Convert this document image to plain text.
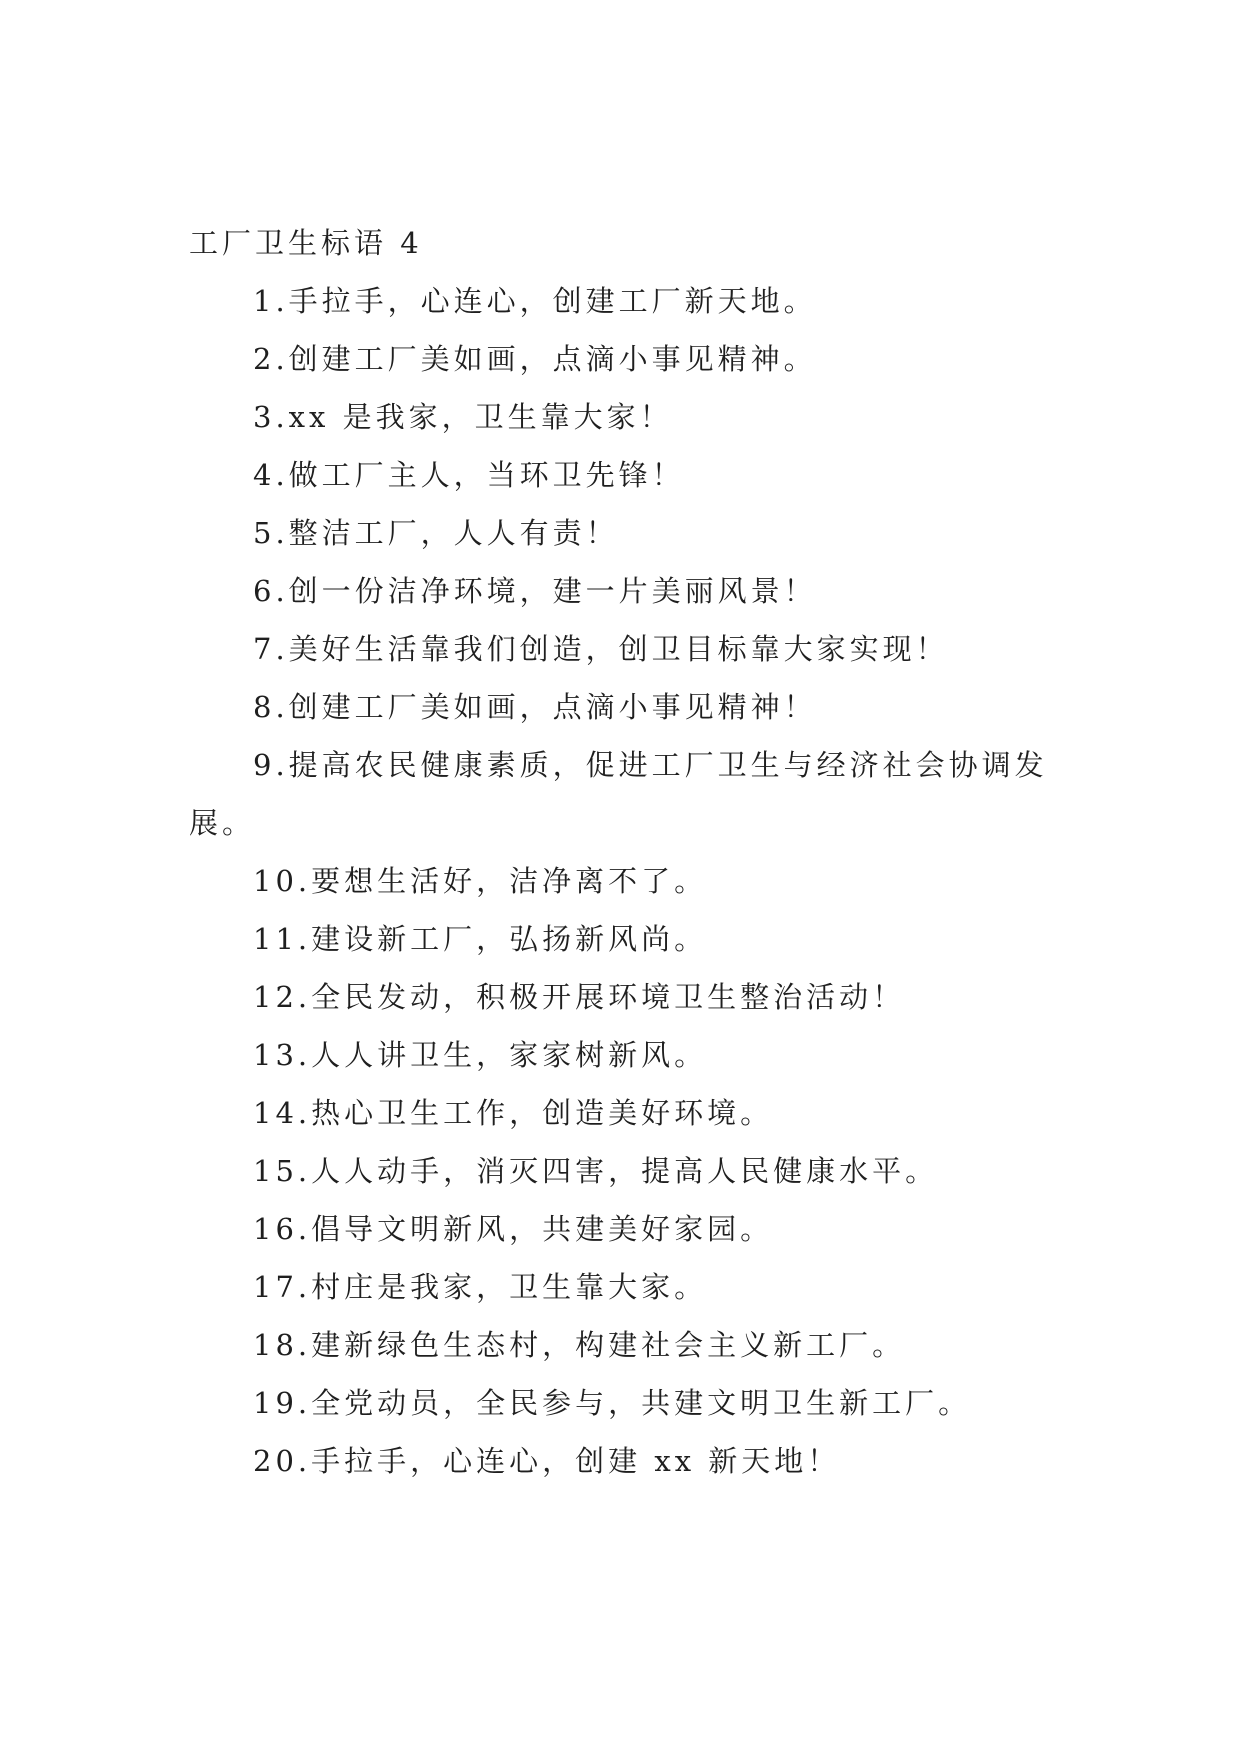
工厂卫生标语 4

1.手拉手，心连心，创建工厂新天地。
2.创建工厂美如画，点滴小事见精神。
3.xx 是我家，卫生靠大家！
4.做工厂主人，当环卫先锋！
5.整洁工厂，人人有责！
6.创一份洁净环境，建一片美丽风景！
7.美好生活靠我们创造，创卫目标靠大家实现！
8.创建工厂美如画，点滴小事见精神！
9.提高农民健康素质，促进工厂卫生与经济社会协调发展。
10.要想生活好，洁净离不了。
11.建设新工厂，弘扬新风尚。
12.全民发动，积极开展环境卫生整治活动！
13.人人讲卫生，家家树新风。
14.热心卫生工作，创造美好环境。
15.人人动手，消灭四害，提高人民健康水平。
16.倡导文明新风，共建美好家园。
17.村庄是我家，卫生靠大家。
18.建新绿色生态村，构建社会主义新工厂。
19.全党动员，全民参与，共建文明卫生新工厂。
20.手拉手，心连心，创建 xx 新天地！
